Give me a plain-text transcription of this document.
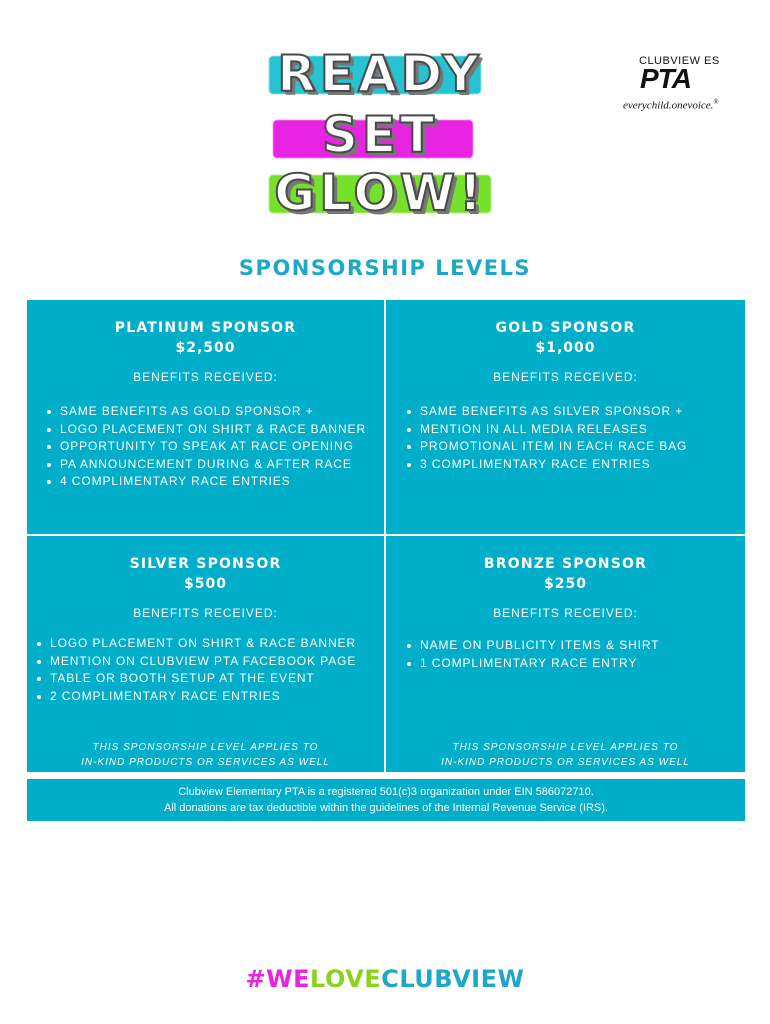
READY
SET
GLOW!
CLUBVIEW ES
PTA
everychild.onevoice.®
SPONSORSHIP LEVELS
PLATINUM SPONSOR
$2,500
BENEFITS RECEIVED:
SAME BENEFITS AS GOLD SPONSOR +
LOGO PLACEMENT ON SHIRT & RACE BANNER
OPPORTUNITY TO SPEAK AT RACE OPENING
PA ANNOUNCEMENT DURING & AFTER RACE
4 COMPLIMENTARY RACE ENTRIES
GOLD SPONSOR
$1,000
BENEFITS RECEIVED:
SAME BENEFITS AS SILVER SPONSOR +
MENTION IN ALL MEDIA RELEASES
PROMOTIONAL ITEM IN EACH RACE BAG
3 COMPLIMENTARY RACE ENTRIES
SILVER SPONSOR
$500
BENEFITS RECEIVED:
LOGO PLACEMENT ON SHIRT & RACE BANNER
MENTION ON CLUBVIEW PTA FACEBOOK PAGE
TABLE OR BOOTH SETUP AT THE EVENT
2 COMPLIMENTARY RACE ENTRIES
THIS SPONSORSHIP LEVEL APPLIES TO
IN-KIND PRODUCTS OR SERVICES AS WELL
BRONZE SPONSOR
$250
BENEFITS RECEIVED:
NAME ON PUBLICITY ITEMS & SHIRT
1 COMPLIMENTARY RACE ENTRY
THIS SPONSORSHIP LEVEL APPLIES TO
IN-KIND PRODUCTS OR SERVICES AS WELL
Clubview Elementary PTA is a registered 501(c)3 organization under EIN 586072710.
All donations are tax deductible within the guidelines of the Internal Revenue Service (IRS).
#WELOVECLUBVIEW
